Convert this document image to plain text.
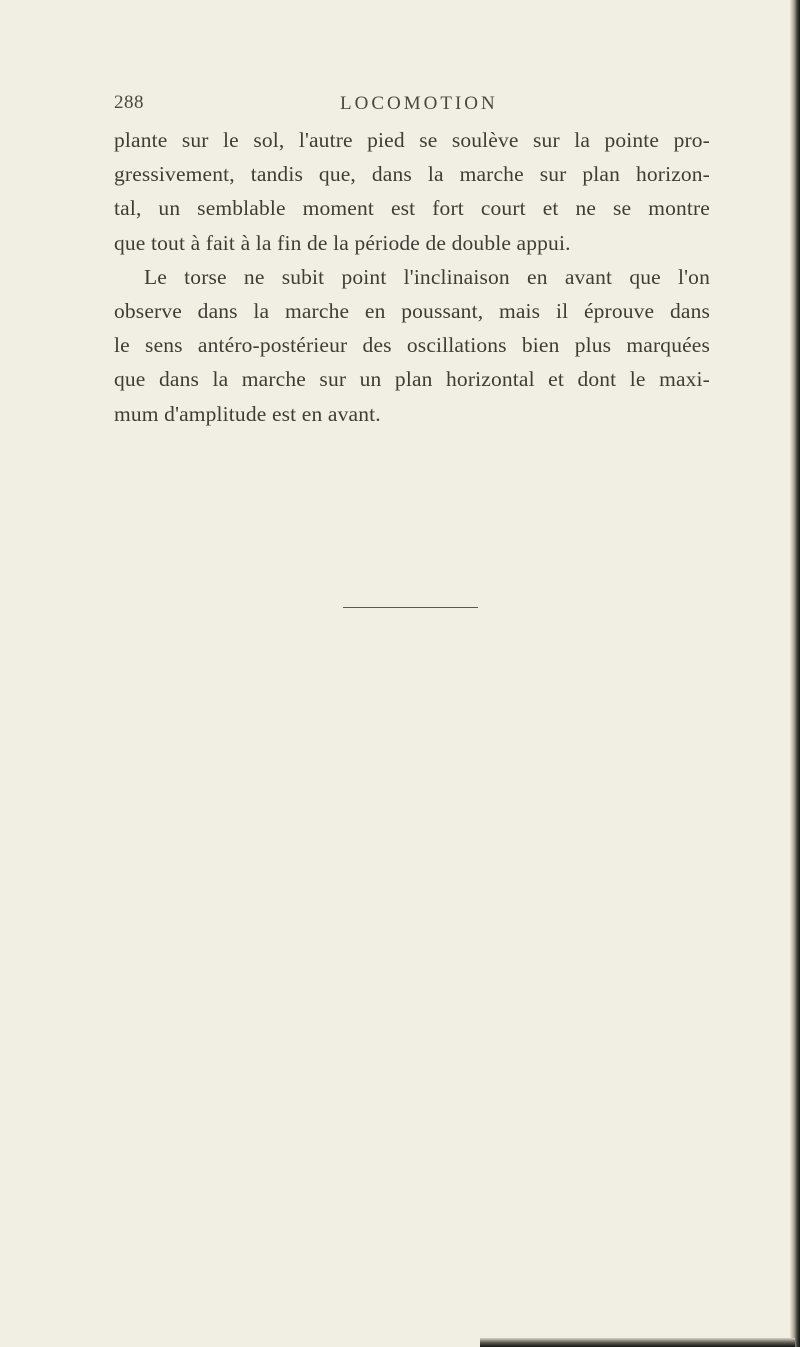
288	LOCOMOTION
plante sur le sol, l'autre pied se soulève sur la pointe pro-
gressivement, tandis que, dans la marche sur plan horizon-
tal, un semblable moment est fort court et ne se montre
que tout à fait à la fin de la période de double appui.
Le torse ne subit point l'inclinaison en avant que l'on
observe dans la marche en poussant, mais il éprouve dans
le sens antéro-postérieur des oscillations bien plus marquées
que dans la marche sur un plan horizontal et dont le maxi-
mum d'amplitude est en avant.
